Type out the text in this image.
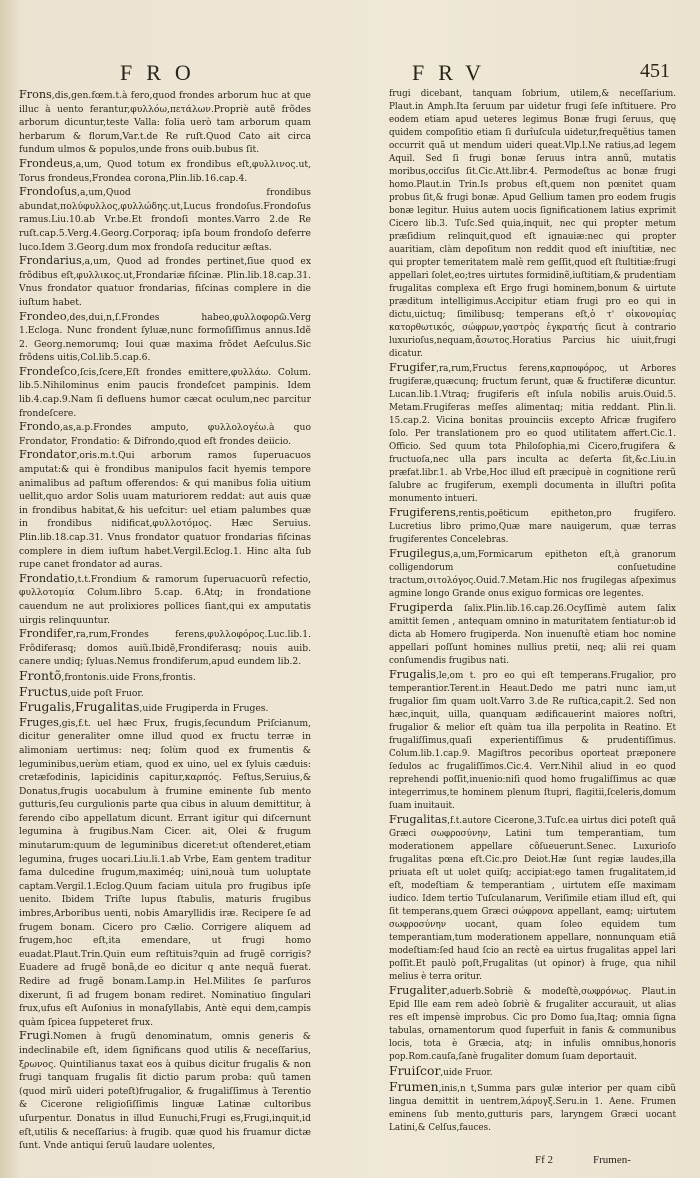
FRO	FRV	451

Frons,dis,gen.fœm.t.à fero,quod frondes arborum huc at que illuc à uento ferantur,φυλλόω,πετάλων.Propriè autẽ frõdes arborum dicuntur,teste Valla: folia uerò tam arborum quam herbarum & florum,Var.t.de Re ruſt.Quod Cato ait circa fundum ulmos & populos,unde frons ouib.bubus ſit.

Frondeus,a,um, Quod totum ex frondibus eſt,φυλλινος.ut, Torus frondeus,Frondea corona,Plin.lib.16.cap.4.

Frondoſus,a,um,Quod frondibus abundat,πολύφυλλος,φυλλώδης.ut,Lucus frondoſus.Frondoſus ramus.Liu.10.ab Vr.be.Et frondoſi montes.Varro 2.de Re ruſt.cap.5.Verg.4.Georg.Corporaq; ipſa boum frondoſo deferre luco.Idem 3.Georg.dum mox frondoſa reducitur æſtas.

Frondarius,a,um, Quod ad frondes pertinet,ſiue quod ex frõdibus eſt,φυλλικος.ut,Frondariæ fiſcinæ. Plin.lib.18.cap.31. Vnus frondator quatuor frondarias, fiſcinas complere in die iuſtum habet.

Frondeo,des,dui,n,ſ.Frondes habeo,φυλλοφορῶ.Verg 1.Ecloga. Nunc frondent ſyluæ,nunc formoſiſſimus annus.Idẽ 2. Georg.nemorumq; Ioui quæ maxima frõdet Aeſculus.Sic frõdens uitis,Col.lib.5.cap.6.

Frondeſco,ſcis,ſcere,Eſt frondes emittere,φυλλάω. Colum. lib.5.Nihilominus enim paucis frondeſcet pampinis. Idem lib.4.cap.9.Nam ſi defluens humor cæcat oculum,nec parcitur frondeſcere.

Frondo,as,a.p.Frondes amputo, φυλλολογέω.à quo Frondator, Frondatio: & Difrondo,quod eſt frondes deiicio.

Frondator,oris.m.t.Qui arborum ramos ſuperuacuos amputat:& qui è frondibus manipulos facit hyemis tempore animalibus ad paſtum offerendos: & qui manibus folia uitium uellit,quo ardor Solis uuam maturiorem reddat: aut auis quæ in frondibus habitat,& his uefcitur: uel etiam palumbes quæ in frondibus nidificat,φυλλοτόμος. Hæc Seruius. Plin.lib.18.cap.31. Vnus frondator quatuor frondarias fiſcinas complere in diem iuſtum habet.Vergil.Eclog.1. Hinc alta ſub rupe canet frondator ad auras.

Frondatio,t.t.Frondium & ramorum ſuperuacuorũ refectio, φυλλοτομία Colum.libro 5.cap. 6.Atq; in frondatione cauendum ne aut prolixiores pollices ſiant,qui ex amputatis uirgis relinquuntur.

Frondifer,ra,rum,Frondes ferens,φυλλοφόρος.Luc.lib.1. Frõdiferasq; domos auiũ.Ibidẽ,Frondiferasq; nouis auib. canere undiq; ſyluas.Nemus frondiferum,apud eundem lib.2.

Frontõ,frontonis.uide Frons,frontis.

Fructus,uide poſt Fruor.

Frugalis,Frugalitas,uide Frugiperda in Fruges.

Fruges,gis,f.t. uel hæc Frux, frugis,ſecundum Priſcianum, dicitur generaliter omne illud quod ex fructu terræ in alimoniam uertimus: neq; ſolùm quod ex frumentis & leguminibus,uerùm etiam, quod ex uino, uel ex ſyluis cæduis: cretæfodinis, lapicidinis capitur,καρπός. Feſtus,Seruius,& Donatus,frugis uocabulum à frumine eminente ſub mento gutturis,ſeu curgulionis parte qua cibus in aluum demittitur, à ferendo cibo appellatum dicunt. Errant igitur qui diſcernunt legumina à frugibus.Nam Cicer. ait, Olei & frugum minutarum:quum de leguminibus diceret:ut oſtenderet,etiam legumina, fruges uocari.Liu.li.1.ab Vrbe, Eam gentem traditur fama dulcedine frugum,maximéq; uini,nouà tum uoluptate captam.Vergil.1.Eclog.Quum faciam uitula pro frugibus ipſe uenito. Ibidem Triſte lupus ſtabulis, maturis frugibus imbres,Arboribus uenti, nobis Amaryllidis iræ. Recipere ſe ad frugem bonam. Cicero pro Cælio. Corrigere aliquem ad frugem,hoc eſt,ita emendare, ut frugi homo euadat.Plaut.Trin.Quin eum reſtituis?quin ad frugẽ corrigis?Euadere ad frugẽ bonã,de eo dicitur q ante nequã fuerat. Redire ad frugẽ bonam.Lamp.in Hel.Milites ſe parſuros dixerunt, ſi ad frugem bonam rediret. Nominatiuo ſingulari frux,ufus eſt Auſonius in monaſyllabis, Antè equi dem,campis quàm ſpicea ſuppeteret frux.

Frugi.Nomen à frugũ denominatum, omnis generis & indeclinabile eſt, idem ſignificans quod utilis & neceſſarius, ξρωνος. Quintilianus taxat eos à quibus dicitur frugalis & non frugi tanquam frugalis ſit dictio parum proba: quũ tamen (quod mirũ uideri poteſt)frugalior, & frugaliſſimus à Terentio & Cicerone religioſiſſimis linguæ Latinæ cultoribus uſurpentur. Donatus in illud Eunuchi,Frugi es,Frugi,inquit,id eſt,utilis & neceſſarius: à frugib. quæ quod his fruamur dictæ ſunt. Vnde antiqui ſeruũ laudare uolentes,

frugi dicebant, tanquam ſobrium, utilem,& neceſſarium. Plaut.in Amph.Ita ſeruum par uidetur frugi ſeſe inſtituere. Pro eodem etiam apud ueteres legimus Bonæ frugi ſeruus, quę quidem compoſitio etiam ſi durîuſcula uidetur,frequẽtius tamen occurrit quã ut mendum uideri queat.Vlp.l.Ne ratius,ad legem Aquil. Sed ſi frugi bonæ ſeruus intra annũ, mutatis moribus,occiſus ſit.Cic.Att.libr.4. Permodeſtus ac bonæ frugi homo.Plaut.in Trin.Is probus eſt,quem non pœnitet quam probus ſit,& frugi bonæ. Apud Gellium tamen pro eodem frugis bonæ legitur. Huius autem uocis ſignificationem latius exprimit Cicero lib.3. Tuſc.Sed quia,inquit, nec qui propter metum præſidium relinquit,quod eſt ignauiæ:nec qui propter auaritiam, clàm depoſitum non reddit quod eſt iniuſtitiæ, nec qui propter temeritatem malè rem geſſit,quod eſt ſtultitiæ:frugi appellari ſolet,eo;tres uirtutes formidinẽ,iuſtitiam,& prudentiam frugalitas complexa eſt Ergo frugi hominem,bonum & uirtute præditum intelligimus.Accipitur etiam frugi pro eo qui in dictu,uictuq; ſimilibusq; temperans eſt,ὁ τ' οἰκονομίας κατορθωτικός, σώφρων,γαστρὸς ἐγκρατής ſicut à contrario luxurioſus,nequam,ἄσωτος.Horatius Parcius hic uiuit,frugi dicatur.

Frugifer,ra,rum,Fructus ferens,καρποφόρος, ut Arbores frugiferæ,quæcunq; fructum ferunt, quæ & fructiferæ dicuntur. Lucan.lib.1.Vtraq; frugiferis eſt inſula nobilis aruis.Ouid.5. Metam.Frugiferas meſſes alimentaq; mitia reddant. Plin.li. 15.cap.2. Vicina bonitas prouinciis excepto Africæ frugifero ſolo. Per translationem pro eo quod utilitatem affert.Cic.1. Officio. Sed quum tota Philoſophia,mi Cicero,frugifera & fructuoſa,nec ulla pars inculta ac deſerta ſit,&c.Liu.in præfat.libr.1. ab Vrbe,Hoc illud eſt præcipuè in cognitione rerũ ſalubre ac frugiferum, exempli documenta in illuſtri poſita monumento intueri.

Frugiferens,rentis,poëticum epitheton,pro frugifero. Lucretius libro primo,Quæ mare nauigerum, quæ terras frugiferentes Concelebras.

Frugilegus,a,um,Formicarum epitheton eſt,à granorum colligendorum conſuetudine tractum,σιτολόγος.Ouid.7.Metam.Hic nos frugilegas aſpeximus agmine longo Grande onus exiguo formicas ore legentes.

Frugiperda ſalix.Plin.lib.16.cap.26.Ocyſſimè autem ſalix amittit ſemen , antequam omnino in maturitatem ſentiatur:ob id dicta ab Homero frugiperda. Non inuenuſtè etiam hoc nomine appellari poſſunt homines nullius pretii, neq; alii rei quam conſumendis frugibus nati.

Frugalis,le,om t. pro eo qui eſt temperans.Frugalior, pro temperantior.Terent.in Heaut.Dedo me patri nunc iam,ut frugalior ſim quam uolt.Varro 3.de Re ruſtica,capit.2. Sed non hæc,inquit, uilla, quanquam ædificauerint maiores noſtri, frugalior & melior eſt quàm tua illa perpolita in Reatino. Et frugaliſſimus,quaſi experientiſſimus & prudentiſſimus. Colum.lib.1.cap.9. Magiſtros pecoribus oporteat præponere ſedulos ac frugaliſſimos.Cic.4. Verr.Nihil aliud in eo quod reprehendi poſſit,inuenio:niſi quod homo frugaliſſimus ac quæ integerrimus,te hominem plenum ſtupri, flagitii,ſceleris,domum ſuam inuitauit.

Frugalitas,f.t.autore Cicerone,3.Tuſc.ea uirtus dici poteſt quã Græci σωφροσύνην, Latini tum temperantiam, tum moderationem appellare cõſueuerunt.Senec. Luxurioſo frugalitas pœna eſt.Cic.pro Deiot.Hæ ſunt regiæ laudes,illa priuata eſt ut uolet quiſq; accipiat:ego tamen frugalitatem,id eſt, modeſtiam & temperantiam , uirtutem eſſe maximam iudico. Idem tertio Tuſculanarum, Veriſimile etiam illud eſt, qui ſit temperans,quem Græci σώφρονα appellant, eamq; uirtutem σωφροσύνην uocant, quam ſoleo equidem tum temperantiam,tum moderationem appellare, nonnunquam etiã modeſtiam:ſed haud ſcio an rectè ea uirtus frugalitas appel lari poſſit.Et paulò poſt,Frugalitas (ut opinor) à fruge, qua nihil melius è terra oritur.

Frugaliter,aduerb.Sobriè & modeſtè,σωφρόνως. Plaut.in Epid Ille eam rem adeò ſobriè & frugaliter accurauit, ut alias res eſt impensè improbus. Cic pro Domo ſua,Itaq; omnia ſigna tabulas, ornamentorum quod ſuperfuit in fanis & communibus locis, tota è Græcia, atq; in infulis omnibus,honoris pop.Rom.cauſa,ſanè frugaliter domum ſuam deportauit.

Fruiſcor,uide Fruor.

Frumen,inis,n t,Summa pars gulæ interior per quam cibũ lingua demittit in uentrem,λάρυγξ.Seru.in 1. Aene. Frumen eminens ſub mento,gutturis pars, laryngem Græci uocant Latini,& Celſus,fauces.

Ff 2	Frumen-
